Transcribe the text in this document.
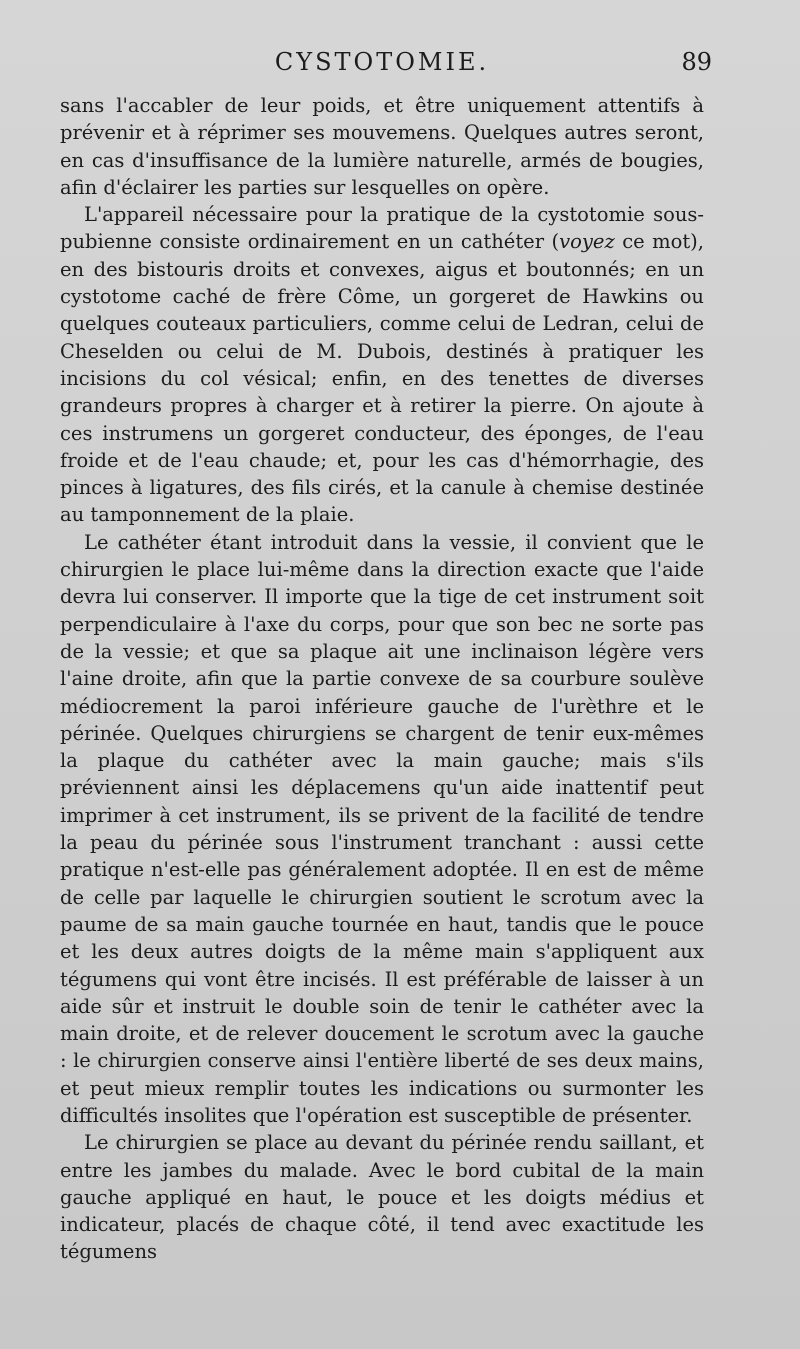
CYSTOTOMIE.	89

sans l'accabler de leur poids, et être uniquement attentifs à prévenir et à réprimer ses mouvemens. Quelques autres seront, en cas d'insuffisance de la lumière naturelle, armés de bougies, afin d'éclairer les parties sur lesquelles on opère.

L'appareil nécessaire pour la pratique de la cystotomie sous-pubienne consiste ordinairement en un cathéter (voyez ce mot), en des bistouris droits et convexes, aigus et boutonnés; en un cystotome caché de frère Côme, un gorgeret de Hawkins ou quelques couteaux particuliers, comme celui de Ledran, celui de Cheselden ou celui de M. Dubois, destinés à pratiquer les incisions du col vésical; enfin, en des tenettes de diverses grandeurs propres à charger et à retirer la pierre. On ajoute à ces instrumens un gorgeret conducteur, des éponges, de l'eau froide et de l'eau chaude; et, pour les cas d'hémorrhagie, des pinces à ligatures, des fils cirés, et la canule à chemise destinée au tamponnement de la plaie.

Le cathéter étant introduit dans la vessie, il convient que le chirurgien le place lui-même dans la direction exacte que l'aide devra lui conserver. Il importe que la tige de cet instrument soit perpendiculaire à l'axe du corps, pour que son bec ne sorte pas de la vessie; et que sa plaque ait une inclinaison légère vers l'aine droite, afin que la partie convexe de sa courbure soulève médiocrement la paroi inférieure gauche de l'urèthre et le périnée. Quelques chirurgiens se chargent de tenir eux-mêmes la plaque du cathéter avec la main gauche; mais s'ils préviennent ainsi les déplacemens qu'un aide inattentif peut imprimer à cet instrument, ils se privent de la facilité de tendre la peau du périnée sous l'instrument tranchant : aussi cette pratique n'est-elle pas généralement adoptée. Il en est de même de celle par laquelle le chirurgien soutient le scrotum avec la paume de sa main gauche tournée en haut, tandis que le pouce et les deux autres doigts de la même main s'appliquent aux tégumens qui vont être incisés. Il est préférable de laisser à un aide sûr et instruit le double soin de tenir le cathéter avec la main droite, et de relever doucement le scrotum avec la gauche : le chirurgien conserve ainsi l'entière liberté de ses deux mains, et peut mieux remplir toutes les indications ou surmonter les difficultés insolites que l'opération est susceptible de présenter.

Le chirurgien se place au devant du périnée rendu saillant, et entre les jambes du malade. Avec le bord cubital de la main gauche appliqué en haut, le pouce et les doigts médius et indicateur, placés de chaque côté, il tend avec exactitude les tégumens
